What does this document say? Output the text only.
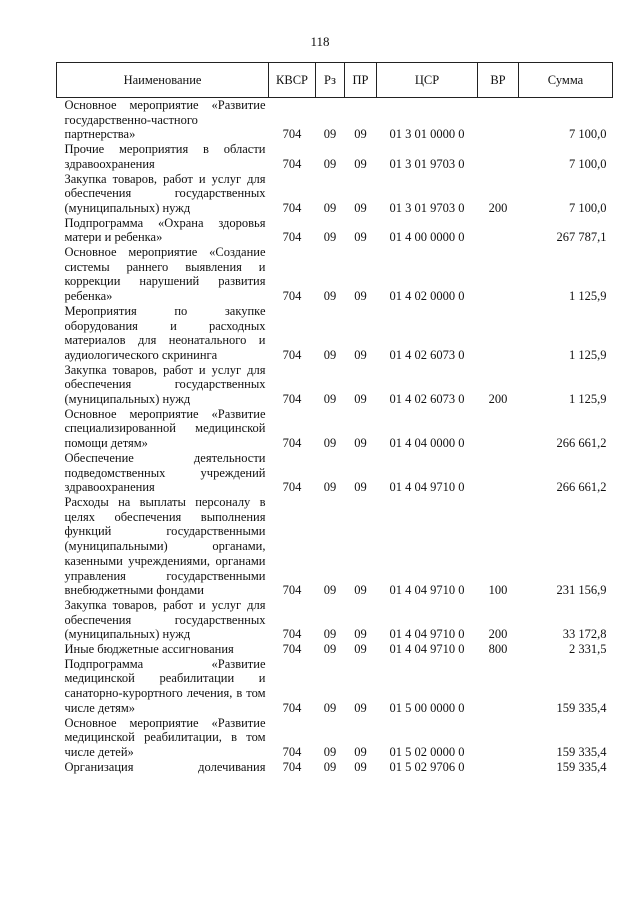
118
Наименование	КВСР	Рз	ПР	ЦСР	ВР	Сумма
Основное мероприятие «Развитие государственно-частного партнерства»	704	09	09	01 3 01 0000 0		7 100,0
Прочие мероприятия в области здравоохранения	704	09	09	01 3 01 9703 0		7 100,0
Закупка товаров, работ и услуг для обеспечения государственных (муниципальных) нужд	704	09	09	01 3 01 9703 0	200	7 100,0
Подпрограмма «Охрана здоровья матери и ребенка»	704	09	09	01 4 00 0000 0		267 787,1
Основное мероприятие «Создание системы раннего выявления и коррекции нарушений развития ребенка»	704	09	09	01 4 02 0000 0		1 125,9
Мероприятия по закупке оборудования и расходных материалов для неонатального и аудиологического скрининга	704	09	09	01 4 02 6073 0		1 125,9
Закупка товаров, работ и услуг для обеспечения государственных (муниципальных) нужд	704	09	09	01 4 02 6073 0	200	1 125,9
Основное мероприятие «Развитие специализированной медицинской помощи детям»	704	09	09	01 4 04 0000 0		266 661,2
Обеспечение деятельности подведомственных учреждений здравоохранения	704	09	09	01 4 04 9710 0		266 661,2
Расходы на выплаты персоналу в целях обеспечения выполнения функций государственными (муниципальными) органами, казенными учреждениями, органами управления государственными внебюджетными фондами	704	09	09	01 4 04 9710 0	100	231 156,9
Закупка товаров, работ и услуг для обеспечения государственных (муниципальных) нужд	704	09	09	01 4 04 9710 0	200	33 172,8
Иные бюджетные ассигнования	704	09	09	01 4 04 9710 0	800	2 331,5
Подпрограмма «Развитие медицинской реабилитации и санаторно-курортного лечения, в том числе детям»	704	09	09	01 5 00 0000 0		159 335,4
Основное мероприятие «Развитие медицинской реабилитации, в том числе детей»	704	09	09	01 5 02 0000 0		159 335,4
Организация долечивания	704	09	09	01 5 02 9706 0		159 335,4
